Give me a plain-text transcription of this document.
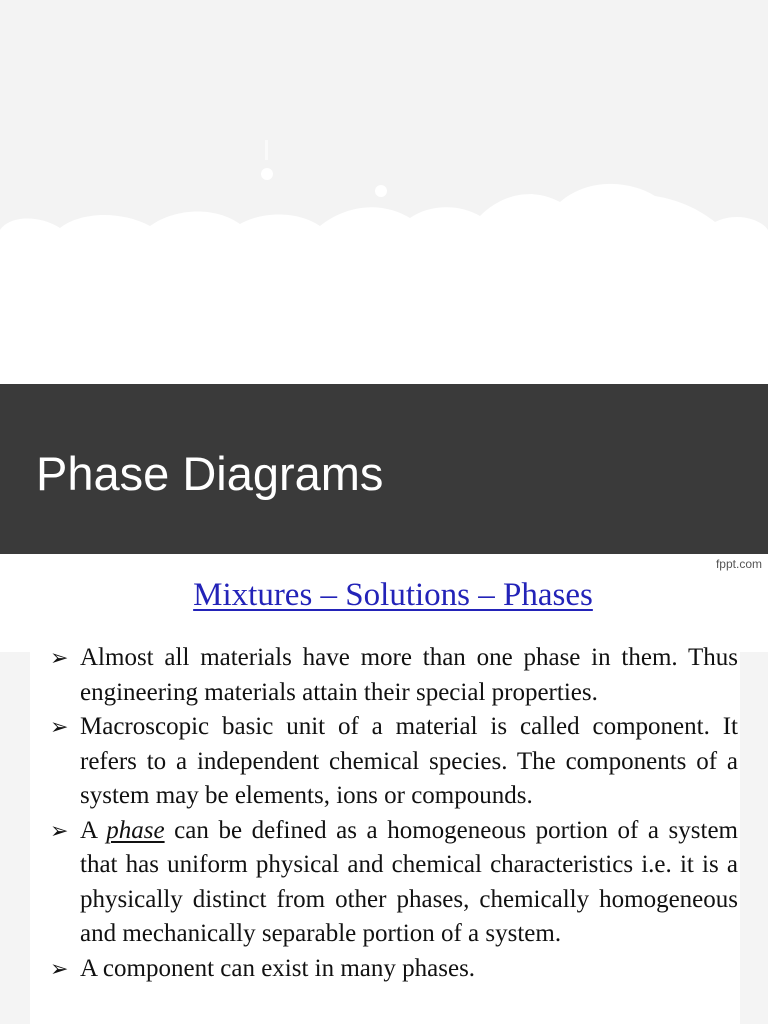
Phase Diagrams
fppt.com
Mixtures – Solutions – Phases
➢ Almost all materials have more than one phase in them. Thus engineering materials attain their special properties.
➢ Macroscopic basic unit of a material is called component. It refers to a independent chemical species. The components of a system may be elements, ions or compounds.
➢ A phase can be defined as a homogeneous portion of a system that has uniform physical and chemical characteristics i.e. it is a physically distinct from other phases, chemically homogeneous and mechanically separable portion of a system.
➢ A component can exist in many phases.
